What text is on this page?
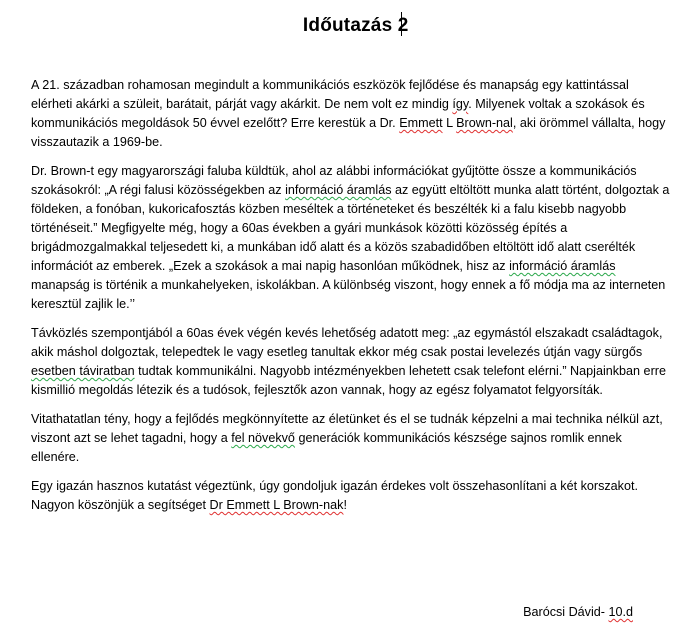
Időutazás 2

A 21. században rohamosan megindult a kommunikációs eszközök fejlődése és manapság egy kattintással elérheti akárki a szüleit, barátait, párját vagy akárkit. De nem volt ez mindig így. Milyenek voltak a szokások és kommunikációs megoldások 50 évvel ezelőtt? Erre kerestük a Dr. Emmett L Brown-nal, aki örömmel vállalta, hogy visszautazik a 1969-be.

Dr. Brown-t egy magyarországi faluba küldtük, ahol az alábbi információkat gyűjtötte össze a kommunikációs szokásokról: „A régi falusi közösségekben az információ áramlás az együtt eltöltött munka alatt történt, dolgoztak a földeken, a fonóban, kukoricafosztás közben meséltek a történeteket és beszélték ki a falu kisebb nagyobb történéseit.” Megfigyelte még, hogy a 60as években a gyári munkások közötti közösség építés a brigádmozgalmakkal teljesedett ki, a munkában idő alatt és a közös szabadidőben eltöltött idő alatt cserélték információt az emberek. „Ezek a szokások a mai napig hasonlóan működnek, hisz az információ áramlás manapság is történik a munkahelyeken, iskolákban. A különbség viszont, hogy ennek a fő módja ma az interneten keresztül zajlik le.’’

Távközlés szempontjából a 60as évek végén kevés lehetőség adatott meg: „az egymástól elszakadt családtagok, akik máshol dolgoztak, telepedtek le vagy esetleg tanultak ekkor még csak postai levelezés útján vagy sürgős esetben táviratban tudtak kommunikálni. Nagyobb intézményekben lehetett csak telefont elérni.” Napjainkban erre kismillió megoldás létezik és a tudósok, fejlesztők azon vannak, hogy az egész folyamatot felgyorsíták.

Vitathatatlan tény, hogy a fejlődés megkönnyítette az életünket és el se tudnák képzelni a mai technika nélkül azt, viszont azt se lehet tagadni, hogy a fel növekvő generációk kommunikációs készsége sajnos romlik ennek ellenére.

Egy igazán hasznos kutatást végeztünk, úgy gondoljuk igazán érdekes volt összehasonlítani a két korszakot. Nagyon köszönjük a segítséget Dr Emmett L Brown-nak!

Barócsi Dávid- 10.d
